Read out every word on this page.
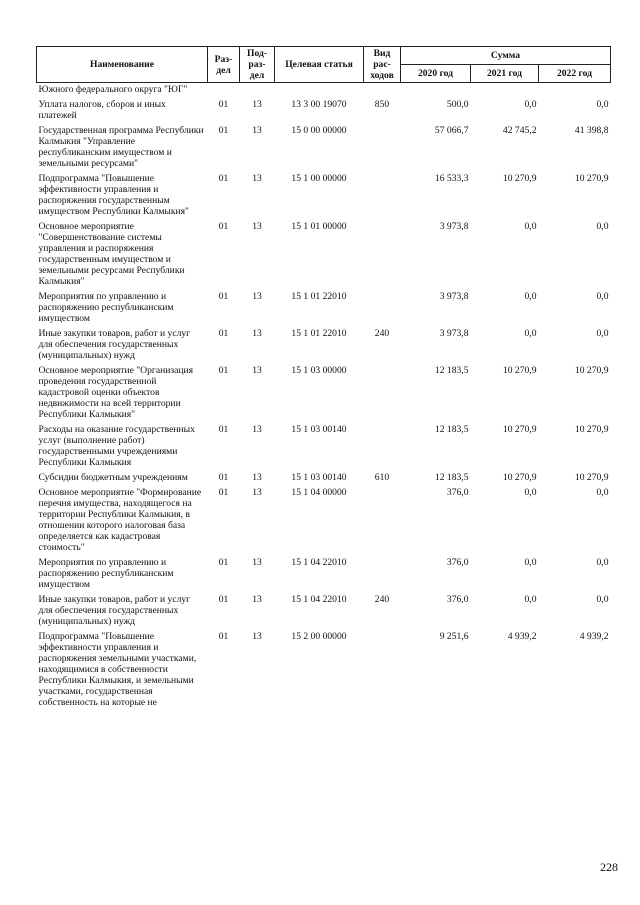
Наименование	Раз-дел	Под-раз-дел	Целевая статья	Вид рас-ходов	Сумма		
					2020 год	2021 год	2022 год
Южного федерального округа "ЮГ"							
Уплата налогов, сборов и иных платежей	01	13	13 3 00 19070	850	500,0	0,0	0,0
Государственная программа Республики Калмыкия "Управление республиканским имуществом и земельными ресурсами"	01	13	15 0 00 00000		57 066,7	42 745,2	41 398,8
Подпрограмма "Повышение эффективности управления и распоряжения государственным имуществом Республики Калмыкия"	01	13	15 1 00 00000		16 533,3	10 270,9	10 270,9
Основное мероприятие "Совершенствование системы управления и распоряжения государственным имуществом и земельными ресурсами Республики Калмыкия"	01	13	15 1 01 00000		3 973,8	0,0	0,0
Мероприятия по управлению и распоряжению республиканским имуществом	01	13	15 1 01 22010		3 973,8	0,0	0,0
Иные закупки товаров, работ и услуг для обеспечения государственных (муниципальных) нужд	01	13	15 1 01 22010	240	3 973,8	0,0	0,0
Основное мероприятие "Организация проведения государственной кадастровой оценки объектов недвижимости на всей территории Республики Калмыкия"	01	13	15 1 03 00000		12 183,5	10 270,9	10 270,9
Расходы на оказание государственных услуг (выполнение работ) государственными учреждениями Республики Калмыкия	01	13	15 1 03 00140		12 183,5	10 270,9	10 270,9
Субсидии бюджетным учреждениям	01	13	15 1 03 00140	610	12 183,5	10 270,9	10 270,9
Основное мероприятие "Формирование перечня имущества, находящегося на территории Республики Калмыкия, в отношении которого налоговая база определяется как кадастровая стоимость"	01	13	15 1 04 00000		376,0	0,0	0,0
Мероприятия по управлению и распоряжению республиканским имуществом	01	13	15 1 04 22010		376,0	0,0	0,0
Иные закупки товаров, работ и услуг для обеспечения государственных (муниципальных) нужд	01	13	15 1 04 22010	240	376,0	0,0	0,0
Подпрограмма "Повышение эффективности управления и распоряжения земельными участками, находящимися в собственности Республики Калмыкия, и земельными участками, государственная собственность на которые не	01	13	15 2 00 00000		9 251,6	4 939,2	4 939,2
228
